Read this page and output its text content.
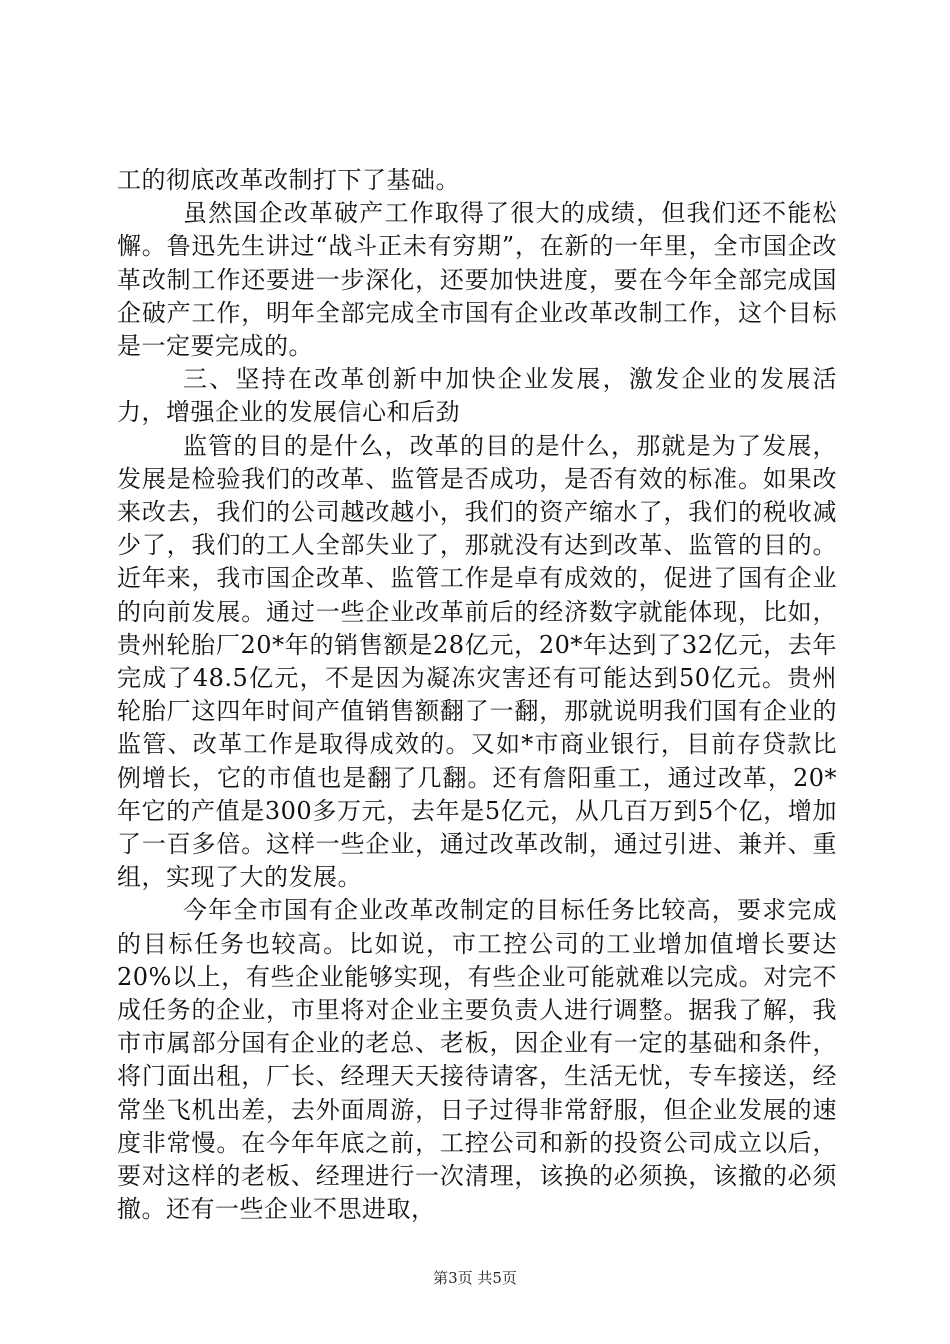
工的彻底改革改制打下了基础。

虽然国企改革破产工作取得了很大的成绩，但我们还不能松懈。鲁迅先生讲过“战斗正未有穷期”，在新的一年里，全市国企改革改制工作还要进一步深化，还要加快进度，要在今年全部完成国企破产工作，明年全部完成全市国有企业改革改制工作，这个目标是一定要完成的。

三、坚持在改革创新中加快企业发展，激发企业的发展活力，增强企业的发展信心和后劲

监管的目的是什么，改革的目的是什么，那就是为了发展，发展是检验我们的改革、监管是否成功，是否有效的标准。如果改来改去，我们的公司越改越小，我们的资产缩水了，我们的税收减少了，我们的工人全部失业了，那就没有达到改革、监管的目的。近年来，我市国企改革、监管工作是卓有成效的，促进了国有企业的向前发展。通过一些企业改革前后的经济数字就能体现，比如，贵州轮胎厂20*年的销售额是28亿元，20*年达到了32亿元，去年完成了48.5亿元，不是因为凝冻灾害还有可能达到50亿元。贵州轮胎厂这四年时间产值销售额翻了一翻，那就说明我们国有企业的监管、改革工作是取得成效的。又如*市商业银行，目前存贷款比例增长，它的市值也是翻了几翻。还有詹阳重工，通过改革，20*年它的产值是300多万元，去年是5亿元，从几百万到5个亿，增加了一百多倍。这样一些企业，通过改革改制，通过引进、兼并、重组，实现了大的发展。

今年全市国有企业改革改制定的目标任务比较高，要求完成的目标任务也较高。比如说，市工控公司的工业增加值增长要达20%以上，有些企业能够实现，有些企业可能就难以完成。对完不成任务的企业，市里将对企业主要负责人进行调整。据我了解，我市市属部分国有企业的老总、老板，因企业有一定的基础和条件，将门面出租，厂长、经理天天接待请客，生活无忧，专车接送，经常坐飞机出差，去外面周游，日子过得非常舒服，但企业发展的速度非常慢。在今年年底之前，工控公司和新的投资公司成立以后，要对这样的老板、经理进行一次清理，该换的必须换，该撤的必须撤。还有一些企业不思进取，

第3页 共5页
